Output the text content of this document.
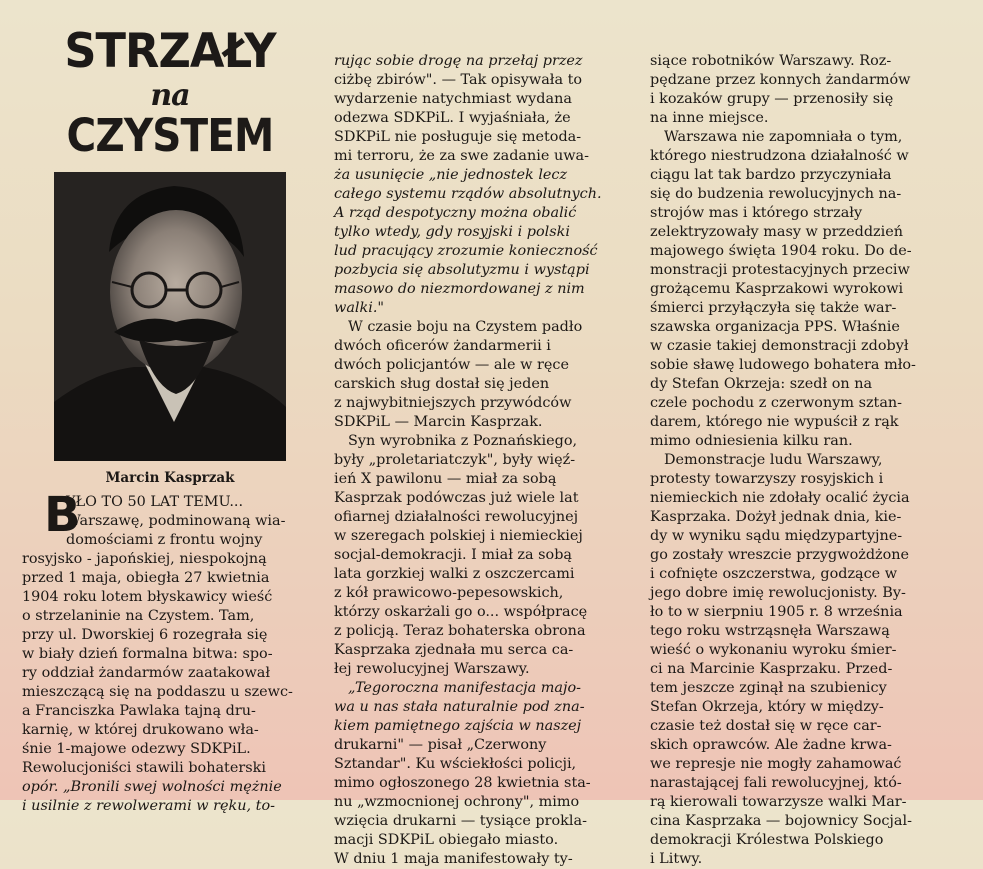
STRZAŁY
na
CZYSTEM
Marcin Kasprzak
B
YŁO TO 50 LAT TEMU...
Warszawę, podminowaną wia-
rosyjsko - japońskiej, niespokojną
przed 1 maja, obiegła 27 kwietnia
1904 roku lotem błyskawicy wieść
o strzelaninie na Czystem. Tam,
przy ul. Dworskiej 6 rozegrała się
w biały dzień formalna bitwa: spo-
ry oddział żandarmów zaatakował
mieszczącą się na poddaszu u szewc-
a Franciszka Pawlaka tajną dru-
karnię, w której drukowano wła-
śnie 1-majowe odezwy SDKPiL.
Rewolucjoniści stawili bohaterski
opór. „Bronili swej wolności mężnie
i usilnie z rewolwerami w ręku, to-
domościami z frontu wojny
rując sobie drogę na przełaj przez
ciżbę zbirów". — Tak opisywała to
wydarzenie natychmiast wydana
odezwa SDKPiL. I wyjaśniała, że
SDKPiL nie posługuje się metoda-
mi terroru, że za swe zadanie uwa-
ża usunięcie „nie jednostek lecz
całego systemu rządów absolutnych.
A rząd despotyczny można obalić
tylko wtedy, gdy rosyjski i polski
lud pracujący zrozumie konieczność
pozbycia się absolutyzmu i wystąpi
masowo do niezmordowanej z nim
walki."
W czasie boju na Czystem padło
dwóch oficerów żandarmerii i
dwóch policjantów — ale w ręce
carskich sług dostał się jeden
z najwybitniejszych przywódców
SDKPiL — Marcin Kasprzak.
Syn wyrobnika z Poznańskiego,
były „proletariatczyk", były więź-
ień X pawilonu — miał za sobą
Kasprzak podówczas już wiele lat
ofiarnej działalności rewolucyjnej
w szeregach polskiej i niemieckiej
socjal-demokracji. I miał za sobą
lata gorzkiej walki z oszczercami
z kół prawicowo-pepesowskich,
którzy oskarżali go o... współpracę
z policją. Teraz bohaterska obrona
Kasprzaka zjednała mu serca ca-
łej rewolucyjnej Warszawy.
„Tegoroczna manifestacja majo-
wa u nas stała naturalnie pod zna-
kiem pamiętnego zajścia w naszej
drukarni" — pisał „Czerwony
Sztandar". Ku wściekłości policji,
mimo ogłoszonego 28 kwietnia sta-
nu „wzmocnionej ochrony", mimo
wzięcia drukarni — tysiące prokla-
macji SDKPiL obiegało miasto.
W dniu 1 maja manifestowały ty-
siące robotników Warszawy. Roz-
pędzane przez konnych żandarmów
i kozaków grupy — przenosiły się
na inne miejsce.
Warszawa nie zapomniała o tym,
którego niestrudzona działalność w
ciągu lat tak bardzo przyczyniała
się do budzenia rewolucyjnych na-
strojów mas i którego strzały
zelektryzowały masy w przeddzień
majowego święta 1904 roku. Do de-
monstracji protestacyjnych przeciw
grożącemu Kasprzakowi wyrokowi
śmierci przyłączyła się także war-
szawska organizacja PPS. Właśnie
w czasie takiej demonstracji zdobył
sobie sławę ludowego bohatera mło-
dy Stefan Okrzeja: szedł on na
czele pochodu z czerwonym sztan-
darem, którego nie wypuścił z rąk
mimo odniesienia kilku ran.
Demonstracje ludu Warszawy,
protesty towarzyszy rosyjskich i
niemieckich nie zdołały ocalić życia
Kasprzaka. Dożył jednak dnia, kie-
dy w wyniku sądu międzypartyjne-
go zostały wreszcie przygwożdżone
i cofnięte oszczerstwa, godzące w
jego dobre imię rewolucjonisty. By-
ło to w sierpniu 1905 r. 8 września
tego roku wstrząsnęła Warszawą
wieść o wykonaniu wyroku śmier-
ci na Marcinie Kasprzaku. Przed-
tem jeszcze zginął na szubienicy
Stefan Okrzeja, który w między-
czasie też dostał się w ręce car-
skich oprawców. Ale żadne krwa-
we represje nie mogły zahamować
narastającej fali rewolucyjnej, któ-
rą kierowali towarzysze walki Mar-
cina Kasprzaka — bojownicy Socjal-
demokracji Królestwa Polskiego
i Litwy.
